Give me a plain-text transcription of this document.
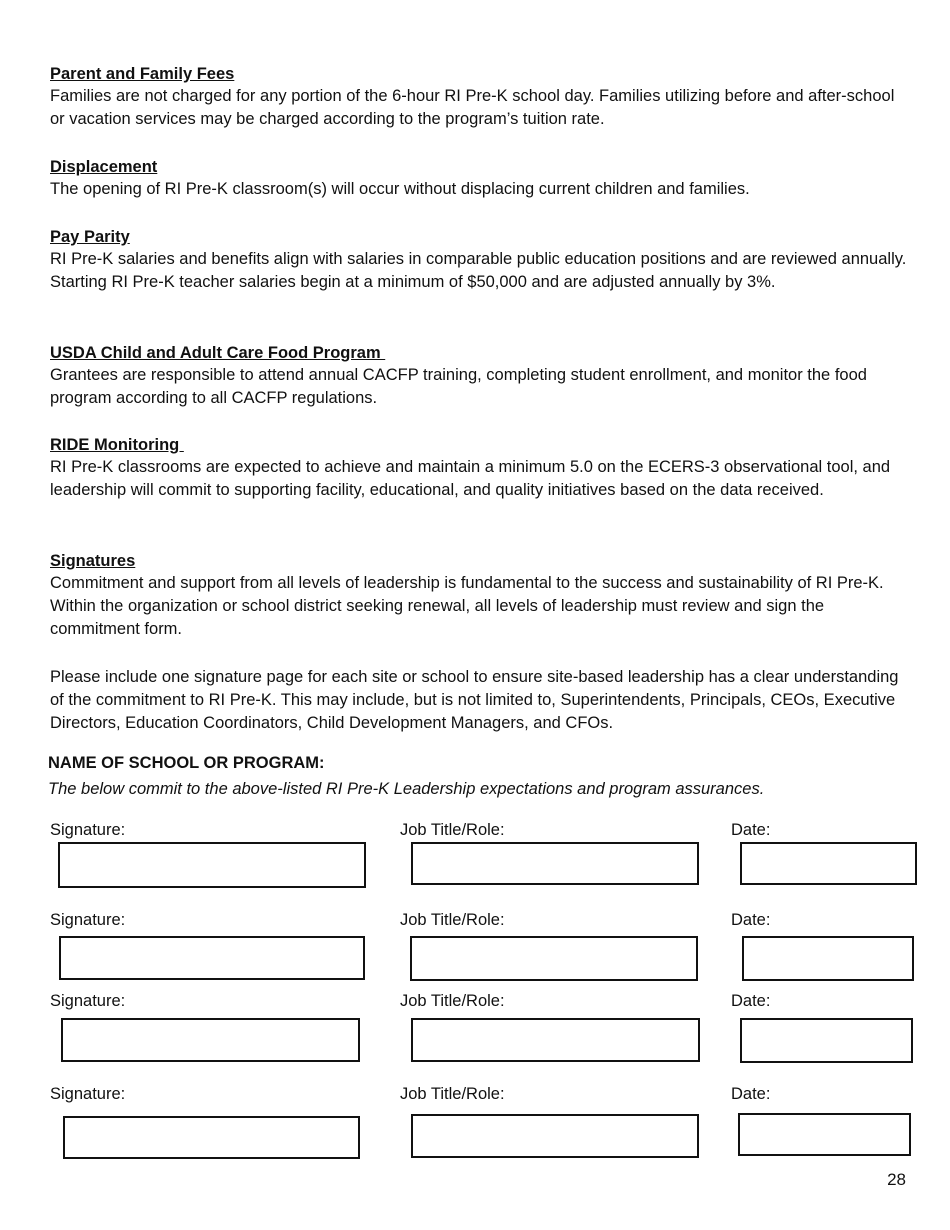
Parent and Family Fees
Families are not charged for any portion of the 6-hour RI Pre-K school day. Families utilizing before and after-school or vacation services may be charged according to the program’s tuition rate.
Displacement
The opening of RI Pre-K classroom(s) will occur without displacing current children and families.
Pay Parity
RI Pre-K salaries and benefits align with salaries in comparable public education positions and are reviewed annually. Starting RI Pre-K teacher salaries begin at a minimum of $50,000 and are adjusted annually by 3%.
USDA Child and Adult Care Food Program
Grantees are responsible to attend annual CACFP training, completing student enrollment, and monitor the food program according to all CACFP regulations.
RIDE Monitoring
RI Pre-K classrooms are expected to achieve and maintain a minimum 5.0 on the ECERS-3 observational tool, and leadership will commit to supporting facility, educational, and quality initiatives based on the data received.
Signatures
Commitment and support from all levels of leadership is fundamental to the success and sustainability of RI Pre-K. Within the organization or school district seeking renewal, all levels of leadership must review and sign the commitment form.
Please include one signature page for each site or school to ensure site-based leadership has a clear understanding of the commitment to RI Pre-K. This may include, but is not limited to, Superintendents, Principals, CEOs, Executive Directors, Education Coordinators, Child Development Managers, and CFOs.
NAME OF SCHOOL OR PROGRAM:
The below commit to the above-listed RI Pre-K Leadership expectations and program assurances.
Signature:	Job Title/Role:	Date:
Signature:	Job Title/Role:	Date:
Signature:	Job Title/Role:	Date:
Signature:	Job Title/Role:	Date:
28
